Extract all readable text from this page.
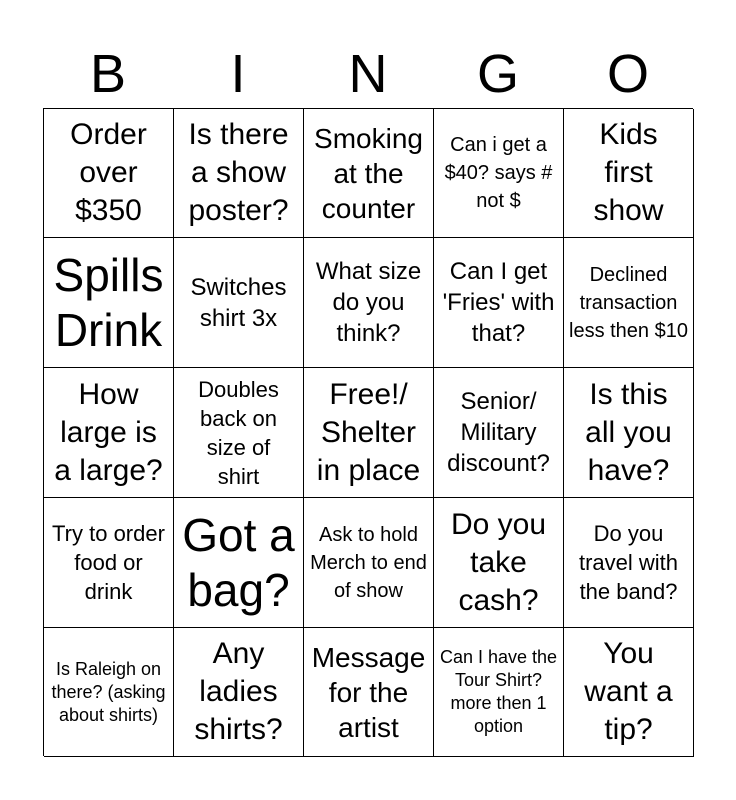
B	I	N	G	O
Order over $350
Is there a show poster?
Smoking at the counter
Can i get a $40? says # not $
Kids first show
Spills Drink
Switches shirt 3x
What size do you think?
Can I get 'Fries' with that?
Declined transaction less then $10
How large is a large?
Doubles back on size of shirt
Free!/ Shelter in place
Senior/ Military discount?
Is this all you have?
Try to order food or drink
Got a bag?
Ask to hold Merch to end of show
Do you take cash?
Do you travel with the band?
Is Raleigh on there? (asking about shirts)
Any ladies shirts?
Message for the artist
Can I have the Tour Shirt? more then 1 option
You want a tip?
